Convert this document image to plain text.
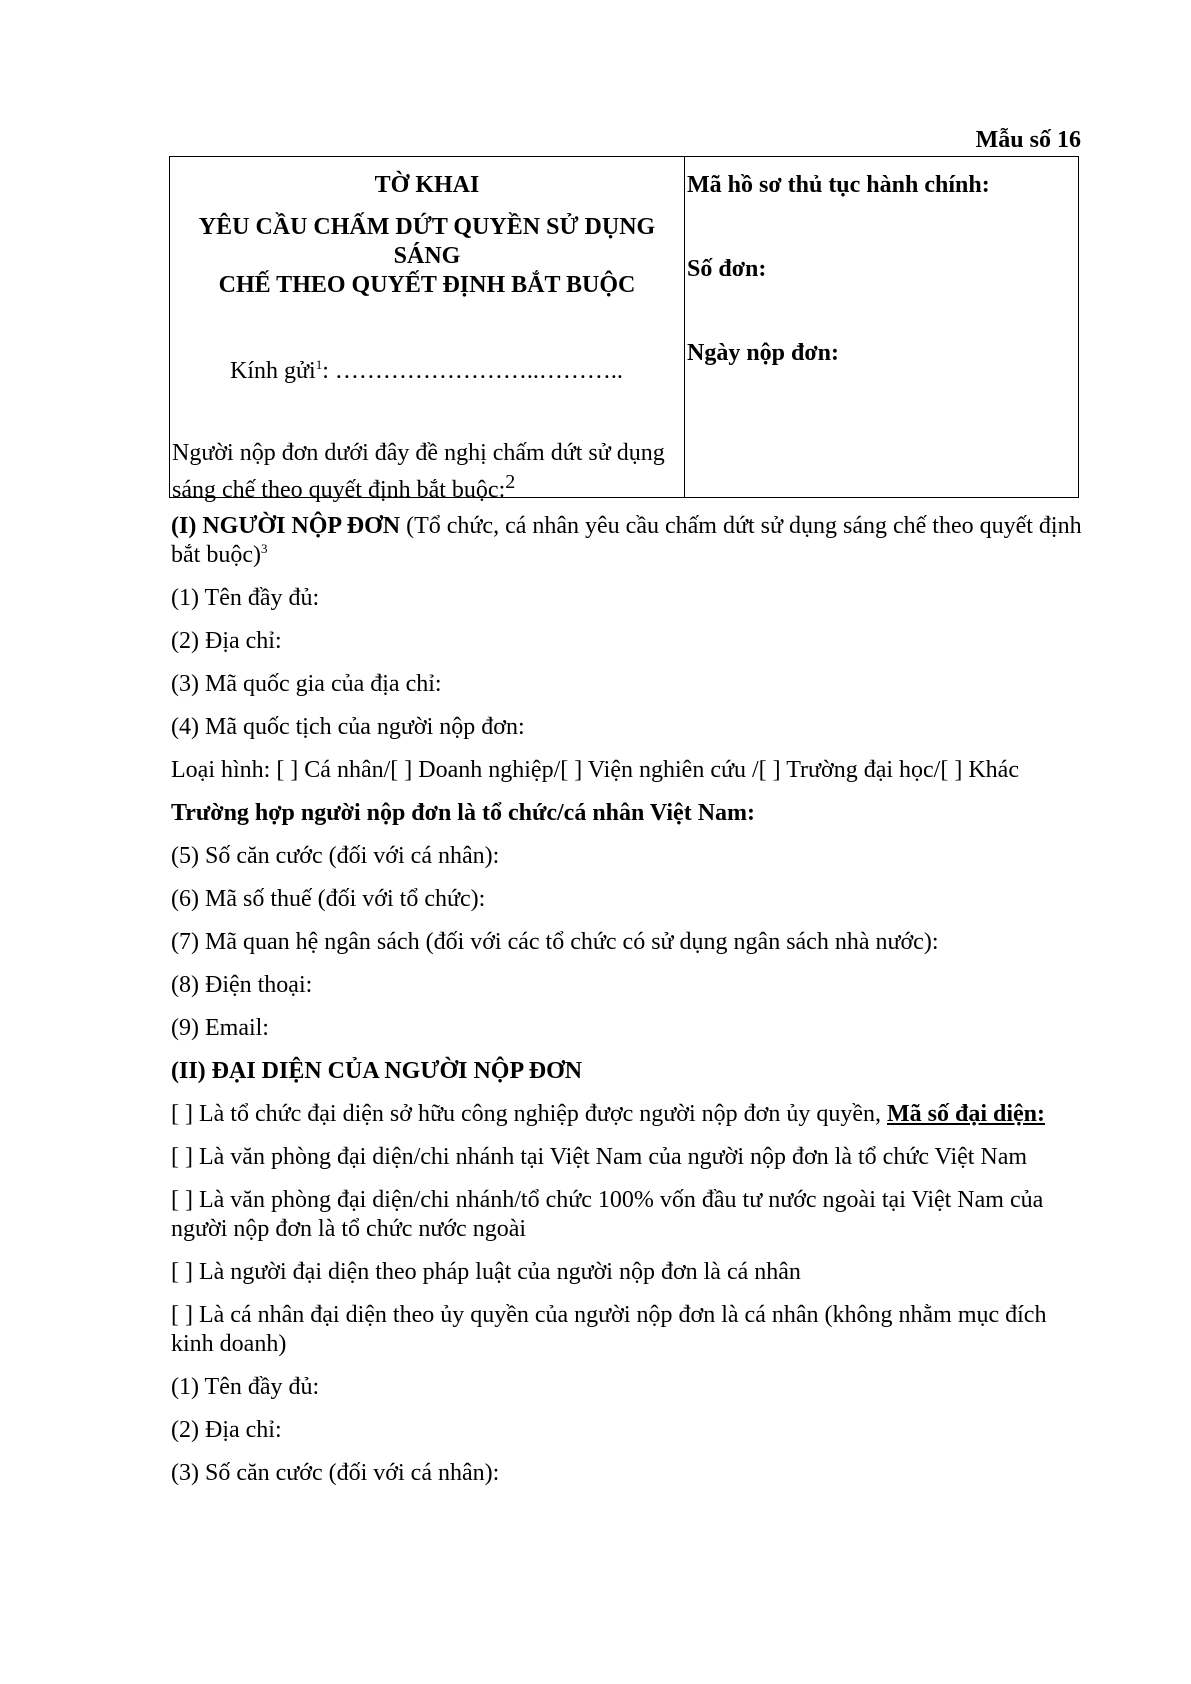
Mẫu số 16
TỜ KHAI
YÊU CẦU CHẤM DỨT QUYỀN SỬ DỤNG
SÁNG
CHẾ THEO QUYẾT ĐỊNH BẮT BUỘC
Kính gửi$^1$: ……………………..………..
Người nộp đơn dưới đây đề nghị chấm dứt sử dụng sáng chế theo quyết định bắt buộc:$^2$
Mã hồ sơ thủ tục hành chính:
Số đơn:
Ngày nộp đơn:

(I) NGƯỜI NỘP ĐƠN (Tổ chức, cá nhân yêu cầu chấm dứt sử dụng sáng chế theo quyết định bắt buộc)$^3$

(1) Tên đầy đủ:

(2) Địa chỉ:

(3) Mã quốc gia của địa chỉ:

(4) Mã quốc tịch của người nộp đơn:

Loại hình: [ ] Cá nhân/[ ] Doanh nghiệp/[ ] Viện nghiên cứu /[ ] Trường đại học/[ ] Khác

Trường hợp người nộp đơn là tổ chức/cá nhân Việt Nam:

(5) Số căn cước (đối với cá nhân):

(6) Mã số thuế (đối với tổ chức):

(7) Mã quan hệ ngân sách (đối với các tổ chức có sử dụng ngân sách nhà nước):

(8) Điện thoại:

(9) Email:

(II) ĐẠI DIỆN CỦA NGƯỜI NỘP ĐƠN

[ ] Là tổ chức đại diện sở hữu công nghiệp được người nộp đơn ủy quyền, Mã số đại diện:

[ ] Là văn phòng đại diện/chi nhánh tại Việt Nam của người nộp đơn là tổ chức Việt Nam

[ ] Là văn phòng đại diện/chi nhánh/tổ chức 100% vốn đầu tư nước ngoài tại Việt Nam của người nộp đơn là tổ chức nước ngoài

[ ] Là người đại diện theo pháp luật của người nộp đơn là cá nhân

[ ] Là cá nhân đại diện theo ủy quyền của người nộp đơn là cá nhân (không nhằm mục đích kinh doanh)

(1) Tên đầy đủ:

(2) Địa chỉ:

(3) Số căn cước (đối với cá nhân):
